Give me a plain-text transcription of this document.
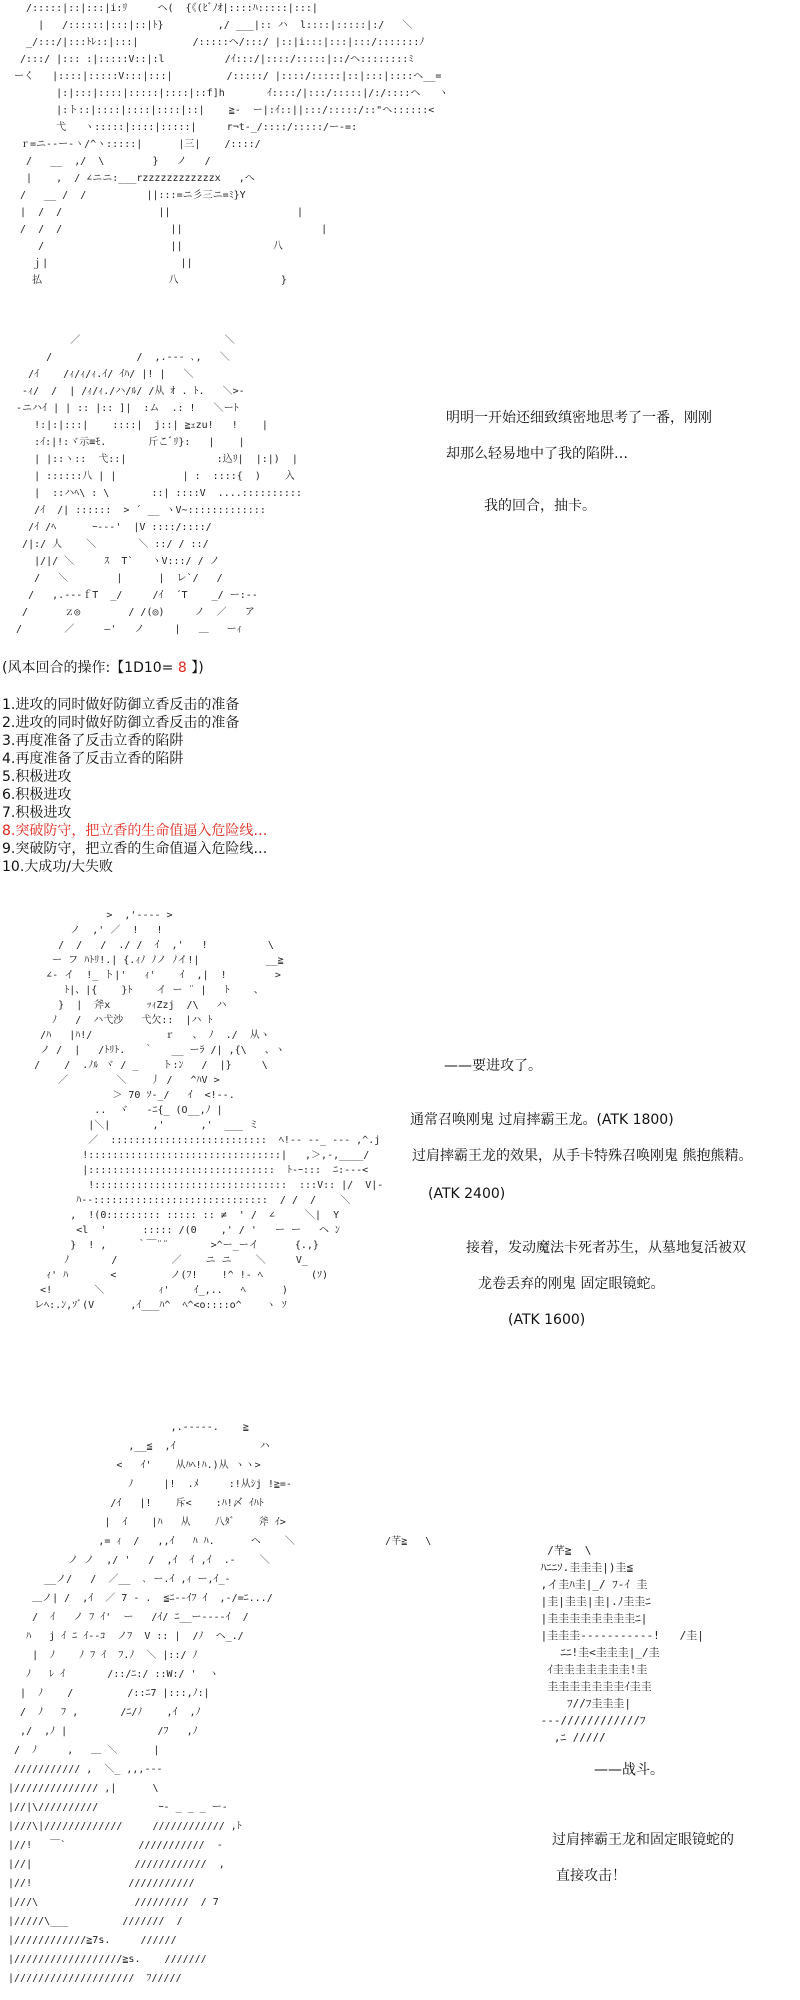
/:::::|::|:::|i:ﾘ     ヘ(  {《(ﾋﾞﾉｵ|::::ﾊ:::::|:::|
|   /::::::|:::|::|ﾄ}         ,/ ___|:: ハ  l::::|:::::|:/   ＼
_/:::/|:::ﾄﾚ::|:::|         /:::::ヘ/:::/ |::|i:::|:::|:::/:::::::ﾉ
/:::/ |::: :|:::::V::|:l          /ｲ:::/|::::/:::::|::/ヘ::::::::ﾐ
ーく   |::::|:::::V:::|:::|         /:::::/ |::::/:::::|::|:::|::::ヘ__=
|:|:::|::::|:::::|::::|::f]h       ｲ::::/|:::/:::::|/:/::::ヘ   ヽ
|:ト::|::::|::::|::::|::|    ≧-  ー|:ｲ::||:::/:::::/::"ヘ::::::<
弋   ヽ:::::|::::|:::::|     r¬t-_/::::/:::::/ー-=:
ｒ=ニ--ー‐ヽ/^ヽ:::::|      |三|    /::::/
/   __  ,/  \        }   ノ   /
|    ,  / ∠ニニ:___rzzzzzzzzzzzzx   ,へ
/   __ /  /          ||:::=ニ彡三ニ=ﾐ}Y
|  /  /                ||                     |
/  /  /                  ||                       |
/                     ||               八
ｊ|                      ||
払                     八                 }
／                        ＼
/              /  ,.-‐- ､,   ＼
/ｲ    /ｨ/ｨ/ｨ.ｲ/ ｲﾊ/ |! |   ＼
-ｨ/  /  | /ｨ/ｨ./ハ/ﾙ/ /从 ｵ . ﾄ.   ＼>-
-ニハｲ | | :: |:: ]|  :ム  .: !   ＼ーﾄ
!:|:|:::|    ::::|  j::| ≧ｪzu!   !    |
:ｲ:|!:ヾ示≡ﾓ.       斤こﾞﾘ}:   |    |
| |::ヽ::  弋::|               :込ﾘ|  |:|)  |
| ::::::八 | |           | :  ::::{  )    入
|  ::ハﾍ\ : \       ::| ::::V  ....::::::::::
/ｲ  /| ::::::  > ´ __ ヽV~:::::::::::::
/ｲ /ﾍ      ｰ--‐'  |V ::::/::::/
/|:/ 人    ＼       ＼ ::/ / ::/
|/|/ ＼     ｽ  T`   ヽV:::/ / ノ
/   ＼        |      |  レ`/   /
/   ,.---ｆT  _/     /ｲ  ´T    _/ ー:--
/      ｚ◎        / /(◎)     ノ  ／   ア
/       ／     ―'   ノ     |   ＿   ーｨ
明明一开始还细致缜密地思考了一番，刚刚
却那么轻易地中了我的陷阱…
我的回合，抽卡。
(风本回合的操作:【1D10= 8 】)
1.进攻的同时做好防御立香反击的准备
2.进攻的同时做好防御立香反击的准备
3.再度准备了反击立香的陷阱
4.再度准备了反击立香的陷阱
5.积极进攻
6.积极进攻
7.积极进攻
8.突破防守，把立香的生命值逼入危险线…
9.突破防守，把立香的生命值逼入危险线…
10.大成功/大失败
>  ,'‐‐‐‐ >
ノ  ,' ／  !   !
/  /   /  ./ /  ｲ  ,'   !          \
ー フ ﾊﾄﾘ!.| {.ｨﾉ ﾉノ ﾉイ!|           __≧
∠- イ  !_ ト|'   ｨ'    ｲ  ,|  !        >
ﾄ|、|{    }ﾄ    イ ー ¨ |   ﾄ    、
}  |  斧x      ｯｨZzj  /\   ハ
ﾉ   /  ハ弋沙   弋欠::  |ハ ﾄ
/ﾊ   |ﾊ!/            ｒ   、 ﾉ  ./  从ヽ
ノ /  |   /ﾄﾘﾄ.   ｀   __ ーﾗ /| ,{\   、ヽ
/    /  .ﾉﾙ ヾ / _    ト:ﾝ   /  |}     \
／        ＼    丿 /   ^ﾊV >
＞ 70 ｿ-_/   ｲ  <!--.
..  ヾ   -ﾆ{_ (O__,ﾉ |
|＼|       ,'      ,'  ___ ミ
／  ::::::::::::::::::::::::::  ﾍ!‐‐ ‐‐_ ‐‐‐ ,^.j
!::::::::::::::::::::::::::::::::|   ,＞,-,____/
|:::::::::::::::::::::::::::::::  ﾄ-ｰ:::  ﾆ:‐‐‐<
!::::::::::::::::::::::::::::::::  :::V:: |/  V|-
ﾊ--:::::::::::::::::::::::::::::  / /  /    ＼
,  !(0::::::::: ::::: :: ≠  ' /  ∠     ＼|  Y
<l  '      ::::: /(0    ,' / '   ー ー   ヘ ﾝ
}  ! ,     ｀￣¨¨       >^ー_ーイ      {.,}
ﾉ       /         ／    ニ ニ    ＼     V_
ｨ' ﾊ       <         ノ(ﾌ!    !^ !‐ ﾍ        (ｿ)
<!       ＼         ｨ'    ｲ_,..   ﾍ      )
レﾍ:.ﾝ,ｿﾞ(V      ,ｲ___ﾊ^  ﾍ^<o::::o^    ヽ ｿ
——要进攻了。
通常召唤刚鬼 过肩摔霸王龙。(ATK 1800)
过肩摔霸王龙的效果，从手卡特殊召唤刚鬼 熊抱熊精。
(ATK 2400)
接着，发动魔法卡死者苏生，从墓地复活被双
龙卷丢弃的刚鬼 固定眼镜蛇。
(ATK 1600)
,.-‐‐‐-.    ≧
,__≦  ,ｲ              ハ
<   ｲ'    从ﾊﾍ!ﾊ.)从 ヽヽ>
ﾉ     |!  .ﾒ     :!从ｼj !≧=-
/ｲ   |!    斥<    :ﾊ!〆 ｲﾊﾄ
|  ｲ    |ﾊ   从    八ﾀﾞ    斧 ｲ>
,= ｨ  /   ,,ｲ   ﾊ ﾊ.      ヘ    ＼               /芊≧   \
ノ ノ  ,/ '   /  ,ｲ  ｲ ,ｲ  .-    ＼
__ノ/   /  ／__  ､ ー.ｲ ,ｨ ー,ｲ_-
＿ノ| /  ,ｲ  ／ 7 ‐ .  ≦ﾆ-‐ｲﾌ ｲ  ,-/=ﾆ.../
/  ｲ   ノ ﾌ ｲ'  ー   /ｲ/ ﾆ__ー----ｲ  /
ﾊ   j ｲ ﾆ ｲ--ｺ  ノﾌ  V :: |  /ﾉ  ヘ_./
|  ﾉ    ﾉ ﾌ ｲ  ﾌ.ﾉ  ＼ |::/ ﾉ
ﾉ   ﾚ ｲ       /::/ﾆ:/ ::W:/ '  ヽ
|  ﾉ    /         /::ﾆ7 |:::,ﾉ:|
/  ﾉ   ﾌ ,       /ﾆ/ﾉ    ,ｲ  ,ﾉ
,/  ,ﾉ |               /ﾌ   ,ﾉ
/  ﾉ     ,   ＿ ＼      |
/////////// ,  ＼_ ,,,---
|////////////// ,|      \
|//|\//////////          ｰ- _ _ _ ー-
|///\|/////////////     //////////// ,ﾄ
|//!   ￣`            ///////////  ‐
|//|                 ////////////  ,
|//!                ///////////
|///\                /////////  / 7
|/////\___         ///////  /
|////////////≧7s.     //////
|//////////////////≧s.    ///////
|////////////////////  ﾌ/////
/芊≧  \
ﾊﾆﾆｿ.圭圭圭|)圭≦
,イ圭ﾊ圭|_/ ﾌ‐ｲ 圭
|圭|圭圭|圭|.ﾉ圭圭ﾆ
|圭圭圭圭圭圭圭圭ﾆ|
|圭圭圭‐‐‐‐‐‐‐‐‐‐‐!   /圭|
ﾆﾆ!圭<圭圭圭|_/圭
ｲ圭圭圭圭圭圭圭!圭
圭圭圭圭圭圭圭ｲ圭圭
ﾌ//ﾌ圭圭圭|
---////////////ﾌ
,ﾆ /////
——战斗。
过肩摔霸王龙和固定眼镜蛇的
直接攻击！
